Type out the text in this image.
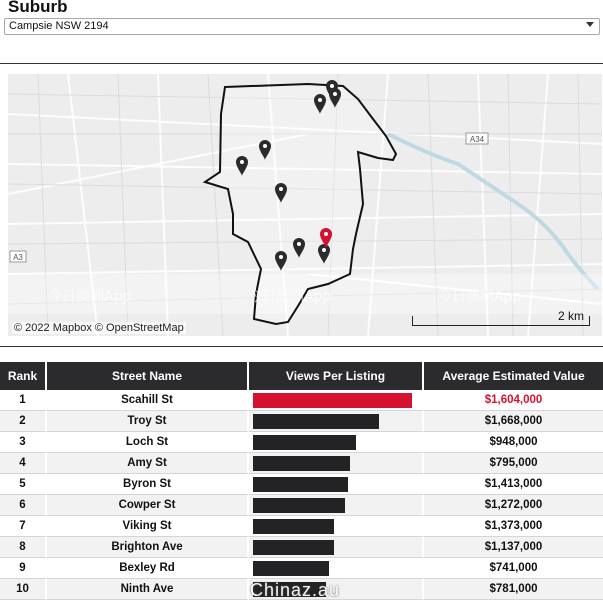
Suburb
Campsie NSW 2194
A34
A3
今日澳洲App	今日澳洲App	今日澳洲App
© 2022 Mapbox © OpenStreetMap
2 km
Rank	Street Name	Views Per Listing	Average Estimated Value
1	Scahill St		$1,604,000
2	Troy St		$1,668,000
3	Loch St		$948,000
4	Amy St		$795,000
5	Byron St		$1,413,000
6	Cowper St		$1,272,000
7	Viking St		$1,373,000
8	Brighton Ave		$1,137,000
9	Bexley Rd		$741,000
10	Ninth Ave		$781,000
Chinaz.au
